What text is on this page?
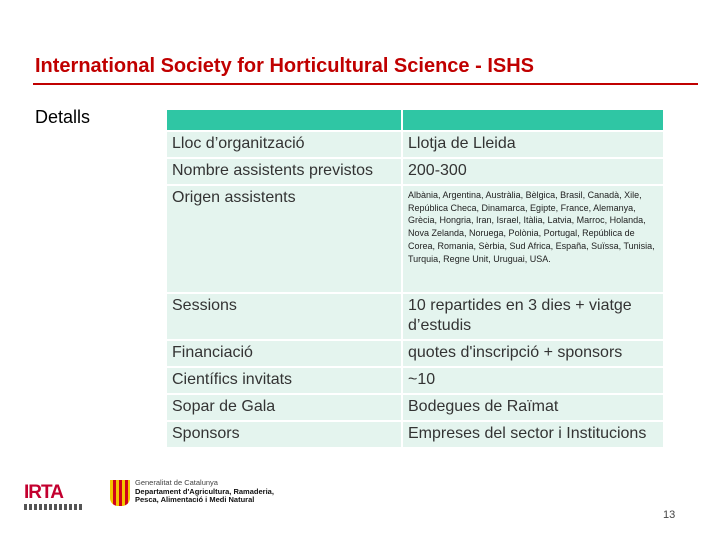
International Society for Horticultural Science - ISHS
Detalls

Lloc d’organització	Llotja de Lleida
Nombre assistents previstos	200-300
Origen assistents	Albània, Argentina, Austràlia, Bèlgica, Brasil, Canadà, Xile, República Checa, Dinamarca, Egipte, France, Alemanya, Grècia, Hongria, Iran, Israel, Itàlia, Latvia, Marroc, Holanda, Nova Zelanda, Noruega, Polònia, Portugal, República de Corea, Romania, Sèrbia, Sud Africa, España, Suïssa, Tunisia, Turquia, Regne Unit, Uruguai, USA.
Sessions	10 repartides en 3 dies + viatge d’estudis
Financiació	quotes d'inscripció + sponsors
Científics invitats	~10
Sopar de Gala	Bodegues de Raïmat
Sponsors	Empreses del sector i Institucions
IRTA	Generalitat de Catalunya
Departament d'Agricultura, Ramaderia,
Pesca, Alimentació i Medi Natural
13
